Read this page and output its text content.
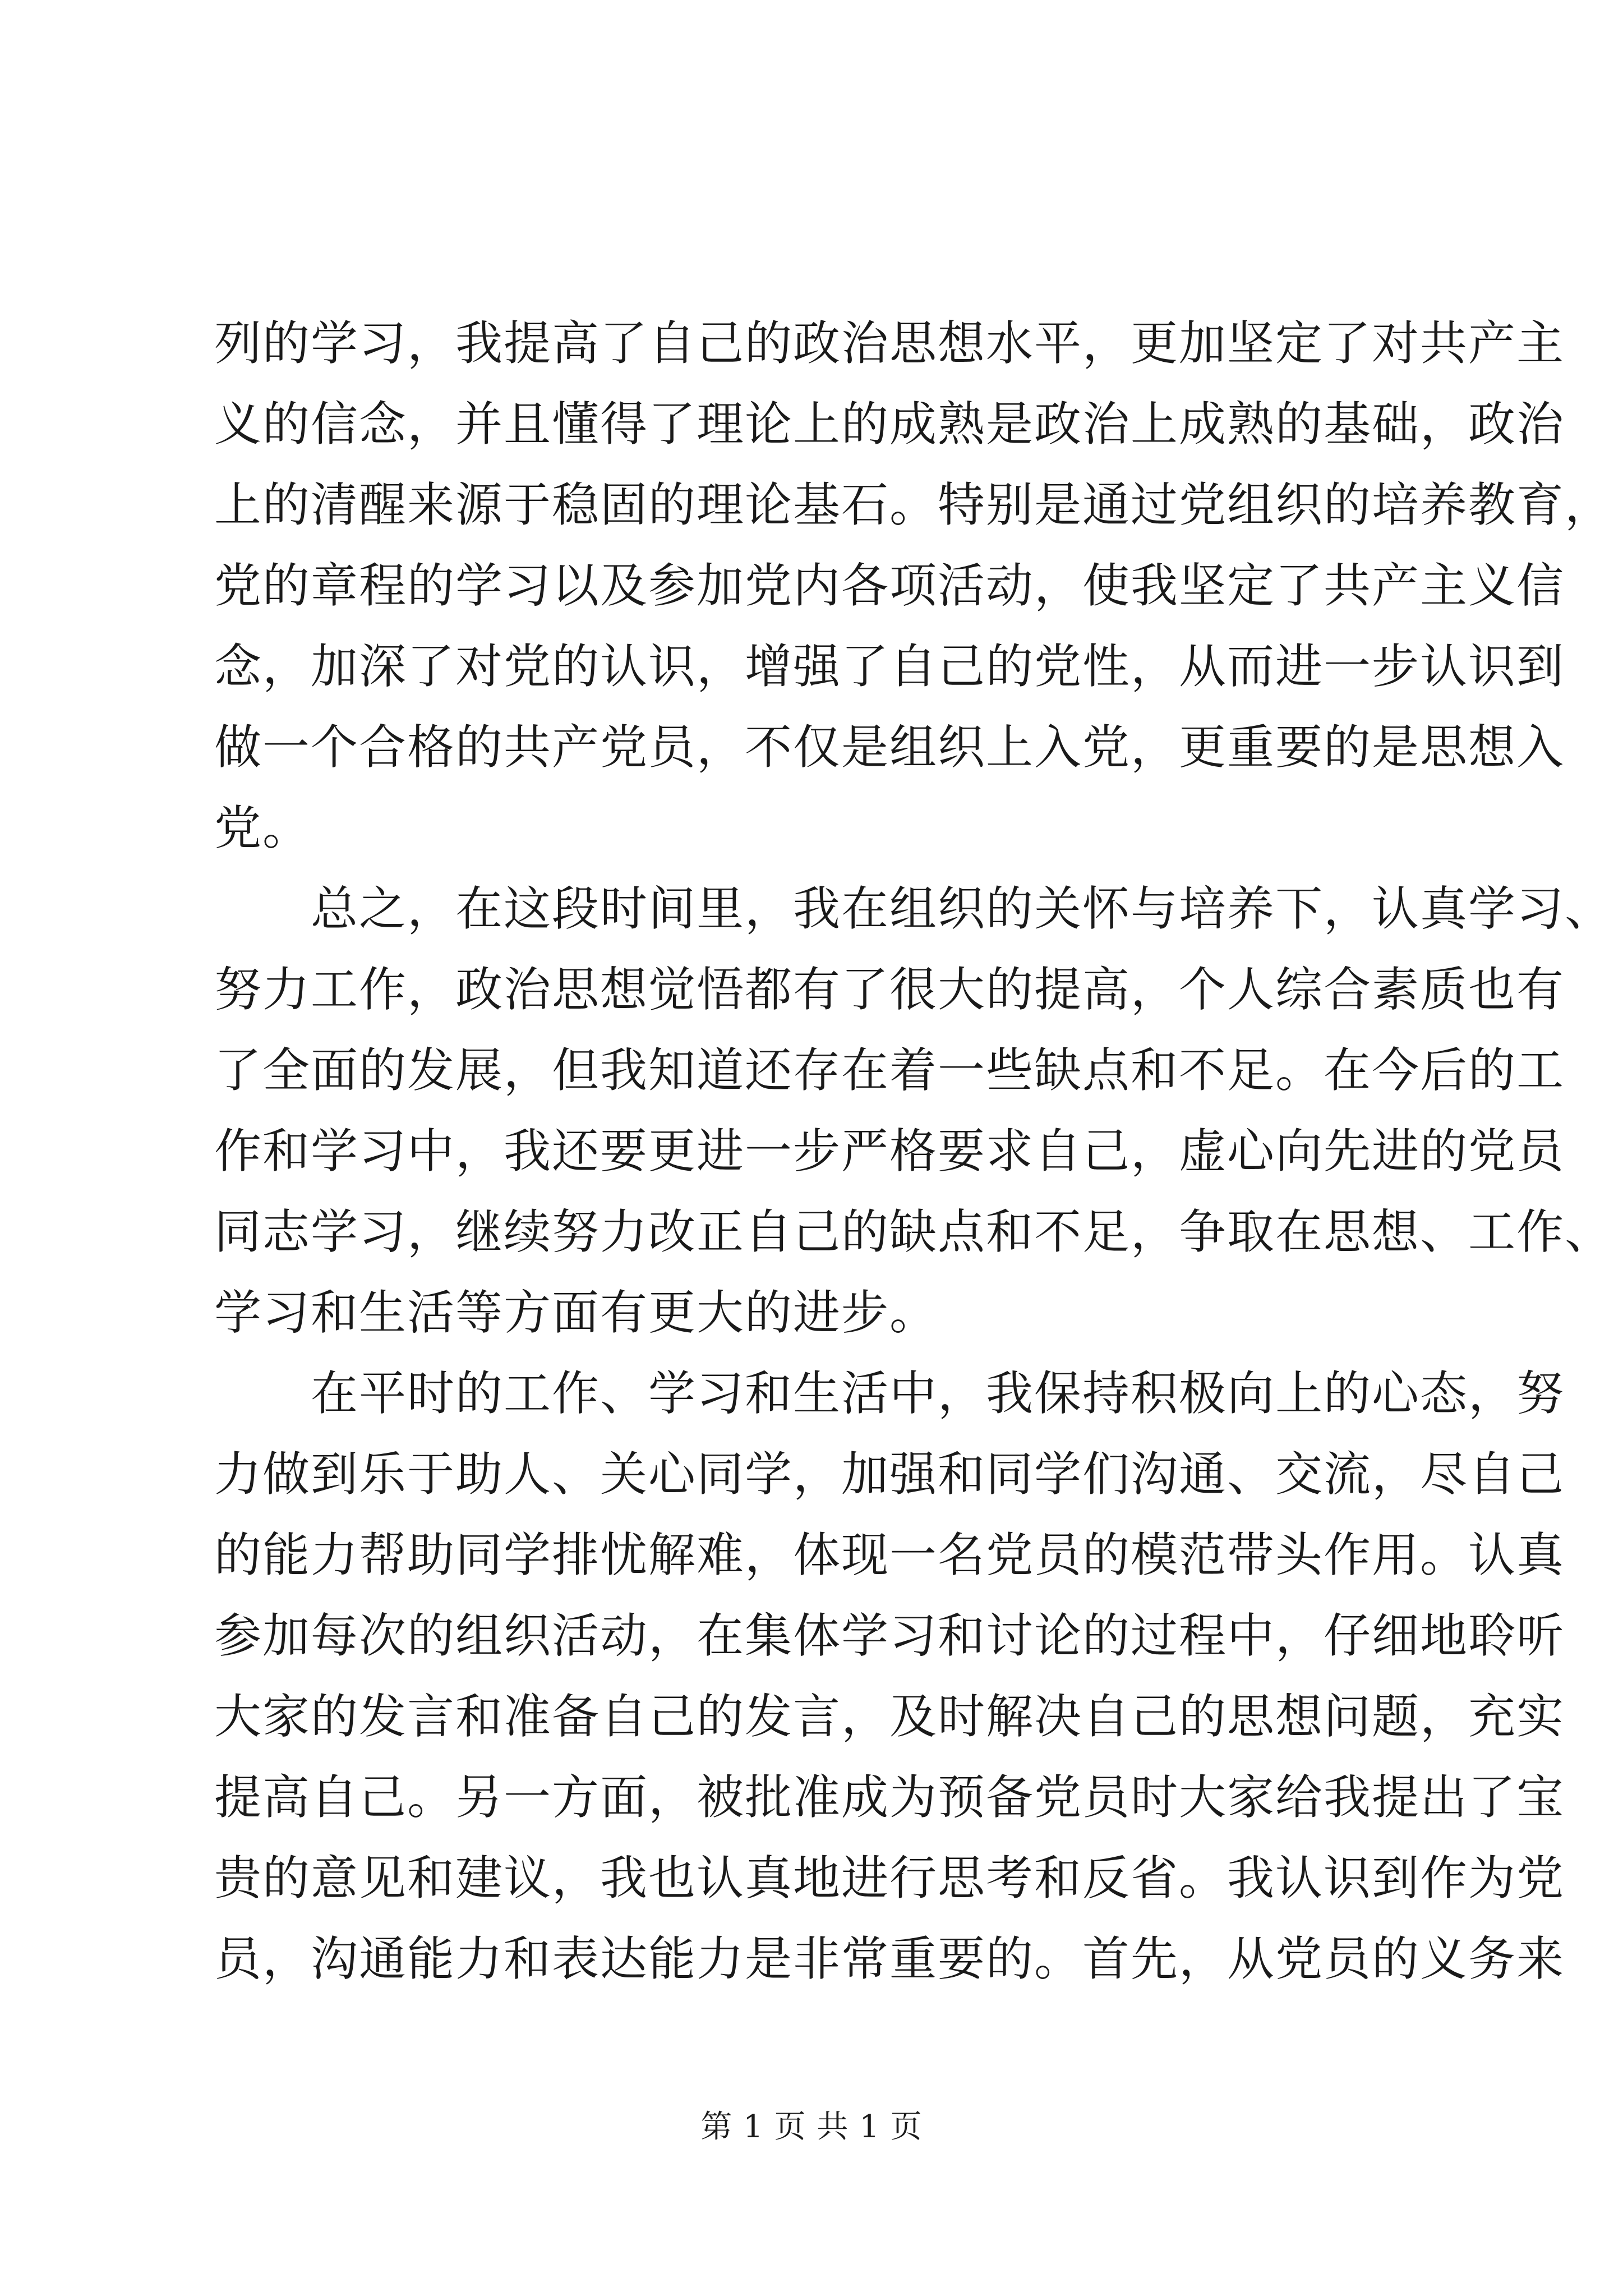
列的学习，我提高了自己的政治思想水平，更加坚定了对共产主
义的信念，并且懂得了理论上的成熟是政治上成熟的基础，政治
上的清醒来源于稳固的理论基石。特别是通过党组织的培养教育，
党的章程的学习以及参加党内各项活动，使我坚定了共产主义信
念，加深了对党的认识，增强了自己的党性，从而进一步认识到
做一个合格的共产党员，不仅是组织上入党，更重要的是思想入
党。
　　总之，在这段时间里，我在组织的关怀与培养下，认真学习、
努力工作，政治思想觉悟都有了很大的提高，个人综合素质也有
了全面的发展，但我知道还存在着一些缺点和不足。在今后的工
作和学习中，我还要更进一步严格要求自己，虚心向先进的党员
同志学习，继续努力改正自己的缺点和不足，争取在思想、工作、
学习和生活等方面有更大的进步。
　　在平时的工作、学习和生活中，我保持积极向上的心态，努
力做到乐于助人、关心同学，加强和同学们沟通、交流，尽自己
的能力帮助同学排忧解难，体现一名党员的模范带头作用。认真
参加每次的组织活动，在集体学习和讨论的过程中，仔细地聆听
大家的发言和准备自己的发言，及时解决自己的思想问题，充实
提高自己。另一方面，被批准成为预备党员时大家给我提出了宝
贵的意见和建议，我也认真地进行思考和反省。我认识到作为党
员，沟通能力和表达能力是非常重要的。首先，从党员的义务来
第 1 页 共 1 页
